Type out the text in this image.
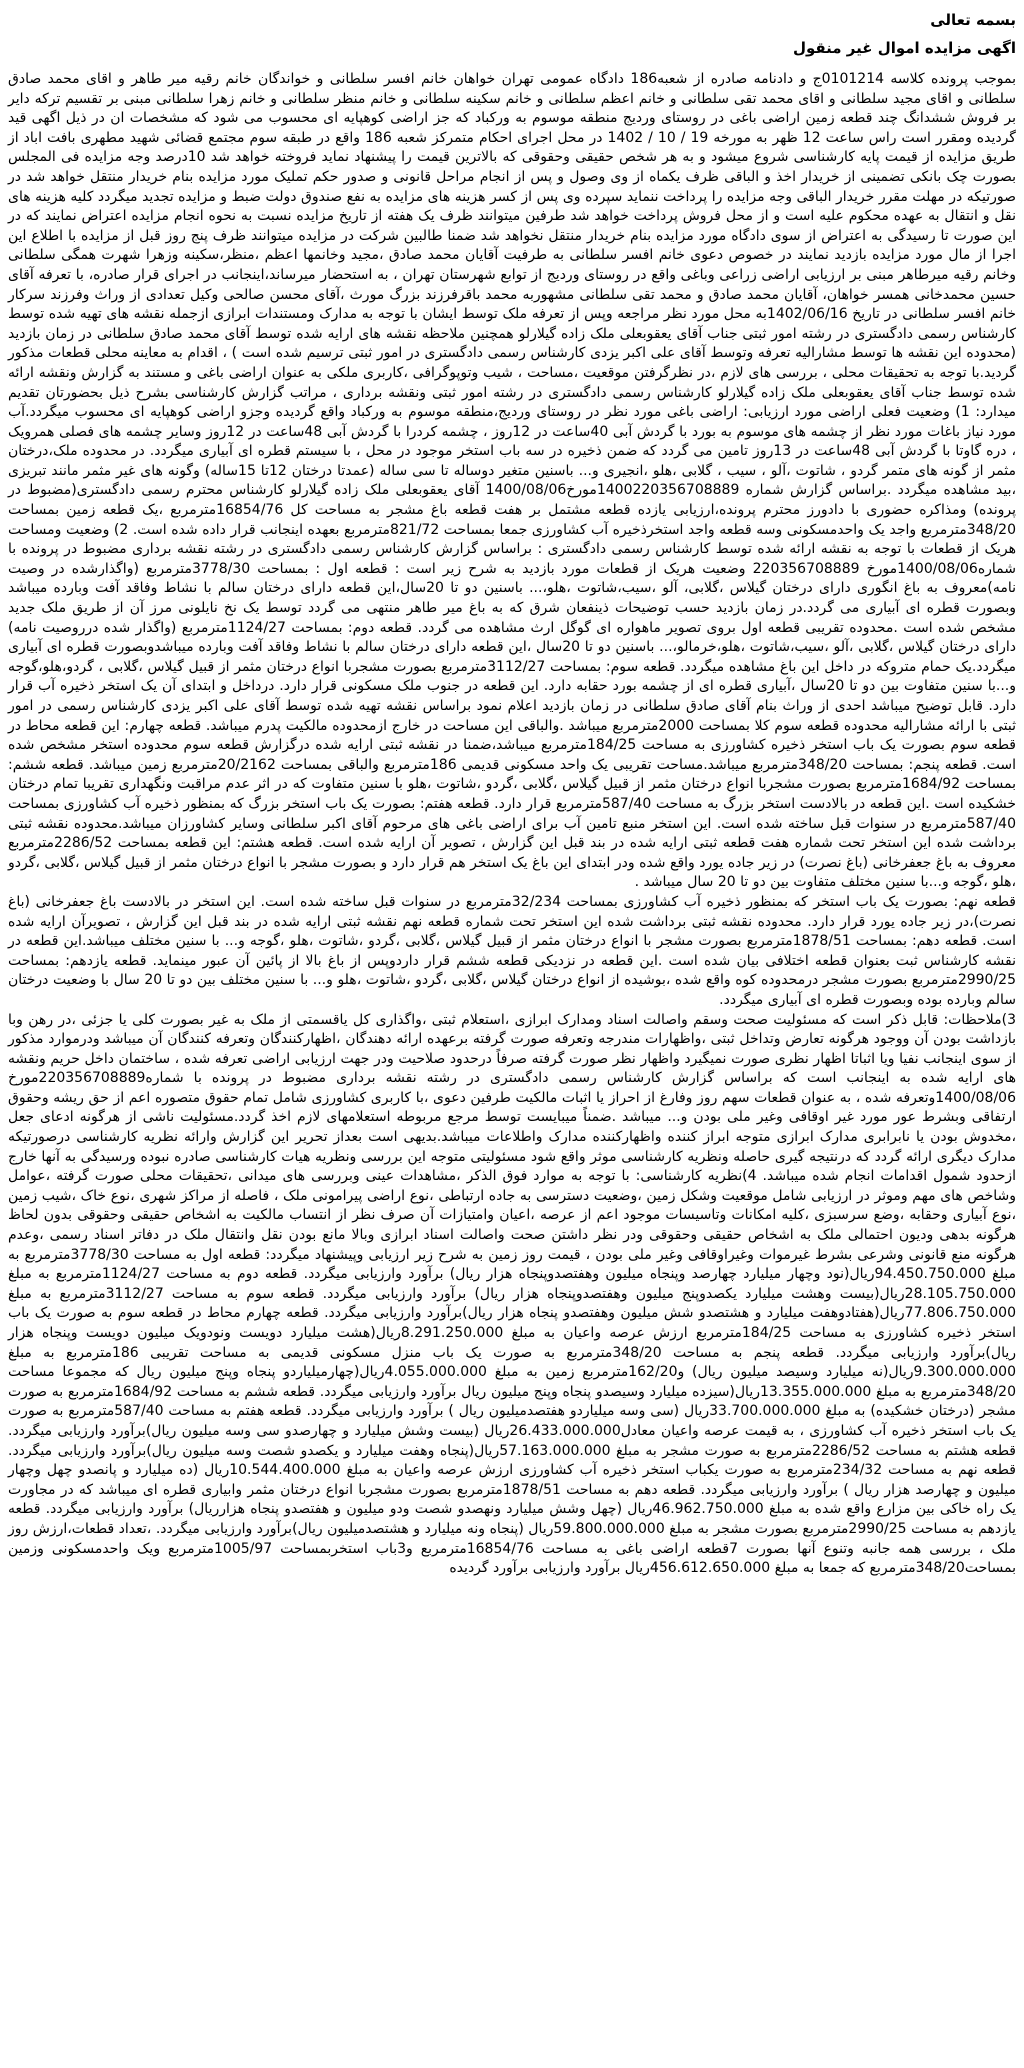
بسمه تعالی
اگهی مزایده اموال غیر منقول

بموجب پرونده کلاسه 0101214ج و دادنامه صادره از شعبه186 دادگاه عمومی تهران خواهان خانم افسر سلطانی و خواندگان خانم رقیه میر طاهر و اقای محمد صادق سلطانی و اقای مجید سلطانی و اقای محمد تقی سلطانی و خانم اعظم سلطانی و خانم سکینه سلطانی و خانم منظر سلطانی و خانم زهرا سلطانی مبنی بر تقسیم ترکه دایر بر فروش ششدانگ چند قطعه زمین اراضی باغی در روستای وردیج منطقه موسوم به ورکباد که جز اراضی کوهپایه ای محسوب می شود که مشخصات ان در ذیل اگهی قید گردیده ومقرر است راس ساعت 12 ظهر به مورخه 19 / 10 / 1402 در محل اجرای احکام متمرکز شعبه 186 واقع در طبقه سوم مجتمع قضائی شهید مطهری بافت اباد از طریق مزایده از قیمت پایه کارشناسی شروع میشود و به هر شخص حقیقی وحقوقی که بالاترین قیمت را پیشنهاد نماید فروخته خواهد شد 10درصد وجه مزایده فی المجلس بصورت چک بانکی تضمینی از خریدار اخذ و الباقی ظرف یکماه از وی وصول و پس از انجام مراحل قانونی و صدور حکم تملیک مورد مزایده بنام خریدار منتقل خواهد شد در صورتیکه در مهلت مقرر خریدار الباقی وجه مزایده را پرداخت ننماید سپرده وی پس از کسر هزینه های مزایده به نفع صندوق دولت ضبط و مزایده تجدید میگردد کلیه هزینه های نقل و انتقال به عهده محکوم علیه است و از محل فروش پرداخت خواهد شد طرفین میتوانند ظرف یک هفته از تاریخ مزایده نسبت به نحوه انجام مزایده اعتراض نمایند که در این صورت تا رسیدگی به اعتراض از سوی دادگاه مورد مزایده بنام خریدار منتقل نخواهد شد ضمنا طالبین شرکت در مزایده میتوانند ظرف پنج روز قبل از مزایده با اطلاع این اجرا از مال مورد مزایده بازدید نمایند در خصوص دعوی خانم افسر سلطانی به طرفیت آقایان محمد صادق ،مجید وخانمها اعظم ،منظر،سکینه وزهرا شهرت همگی سلطانی وخانم رقیه میرطاهر مبنی بر ارزیابی اراضی زراعی وباغی واقع در روستای وردیج از توابع شهرستان تهران ، به استحضار میرساند،اینجانب در اجرای قرار صادره، با تعرفه آقای حسین محمدخانی همسر خواهان، آقایان محمد صادق و محمد تقی سلطانی مشهوربه محمد باقرفرزند بزرگ مورث ،آقای محسن صالحی وکیل تعدادی از وراث وفرزند سرکار خانم افسر سلطانی در تاریخ 1402/06/16به محل مورد نظر مراجعه وپس از تعرفه ملک توسط ایشان با توجه به مدارک ومستندات ابرازی ازجمله نقشه های تهیه شده توسط کارشناس رسمی دادگستری در رشته امور ثبتی جناب آقای یعقوبعلی ملک زاده گیلارلو همچنین ملاحظه نقشه های ارایه شده توسط آقای محمد صادق سلطانی در زمان بازدید (محدوده این نقشه ها توسط مشارالیه تعرفه وتوسط آقای علی اکبر یزدی کارشناس رسمی دادگستری در امور ثبتی ترسیم شده است ) ، اقدام به معاینه محلی قطعات مذکور گردید.با توجه به تحقیقات محلی ، بررسی های لازم ،در نظرگرفتن موقعیت ،مساحت ، شیب وتوپوگرافی ،کاربری ملکی به عنوان اراضی باغی و مستند به گزارش ونقشه ارائه شده توسط جناب آقای یعقوبعلی ملک زاده گیلارلو کارشناس رسمی دادگستری در رشته امور ثبتی ونقشه برداری ، مراتب گزارش کارشناسی بشرح ذیل بحضورتان تقدیم میدارد: 1) وضعیت فعلی اراضی مورد ارزیابی: اراضی باغی مورد نظر در روستای وردیج،منطقه موسوم به ورکباد واقع گردیده وجزو اراضی کوهپایه ای محسوب میگردد.آب مورد نیاز باغات مورد نظر از چشمه های موسوم به بورد با گردش آبی 40ساعت در 12روز ، چشمه کردرا با گردش آبی 48ساعت در 12روز وسایر چشمه های فصلی همرویک ، دره گاوتا با گردش آبی 48ساعت در 13روز تامین می گردد که ضمن ذخیره در سه باب استخر موجود در محل ، با سیستم قطره ای آبیاری میگردد. در محدوده ملک،درختان مثمر از گونه های متمر گردو ، شاتوت ،آلو ، سیب ، گلابی ،هلو ،انجیری و... باسنین متغیر دوساله تا سی ساله (عمدتا درختان 12تا 15ساله) وگونه های غیر مثمر مانند تبریزی ،بید مشاهده میگردد .براساس گزارش شماره 1400220356708889مورخ1400/08/06 آقای یعقوبعلی ملک زاده گیلارلو کارشناس محترم رسمی دادگستری(مضبوط در پرونده) ومذاکره حضوری با دادورز محترم پرونده،ارزیابی یازده قطعه مشتمل بر هفت قطعه باغ مشجر به مساحت کل 16854/76مترمربع ،یک قطعه زمین بمساحت 348/20مترمربع واجد یک واحدمسکونی وسه قطعه واجد استخرذخیره آب کشاورزی جمعا بمساحت 821/72مترمربع بعهده اینجانب قرار داده شده است. 2) وضعیت ومساحت هریک از قطعات با توجه به نقشه ارائه شده توسط کارشناس رسمی دادگستری : براساس گزارش کارشناس رسمی دادگستری در رشته نقشه برداری مضبوط در پرونده با شماره1400/08/06مورخ 220356708889 وضعیت هریک از قطعات مورد بازدید به شرح زیر است : قطعه اول : بمساحت 3778/30مترمربع (واگذارشده در وصیت نامه)معروف به باغ انگوری دارای درختان گیلاس ،گلابی، آلو ،سیب،شاتوت ،هلو،... باسنین دو تا 20سال،این قطعه دارای درختان سالم با نشاط وفاقد آفت وبارده میباشد وبصورت قطره ای آبیاری می گردد.در زمان بازدید حسب توضیحات ذینفعان شرق که به باغ میر طاهر منتهی می گردد توسط یک نخ نایلونی مرز آن از طریق ملک جدید مشخص شده است .محدوده تقریبی قطعه اول بروی تصویر ماهواره ای گوگل ارث مشاهده می گردد. قطعه دوم: بمساحت 1124/27مترمربع (واگذار شده درروصیت نامه) دارای درختان گیلاس ،گلابی ،آلو ،سیب،شاتوت ،هلو،خرمالو،... باسنین دو تا 20سال ،این قطعه دارای درختان سالم با نشاط وفاقد آفت وبارده میباشدوبصورت قطره ای آبیاری میگردد.یک حمام متروکه در داخل این باغ مشاهده میگردد. قطعه سوم: بمساحت 3112/27مترمربع بصورت مشجربا انواع درختان مثمر از قبیل گیلاس ،گلابی ، گردو،هلو،گوجه و...با سنین متفاوت بین دو تا 20سال ،آبیاری قطره ای از چشمه بورد حقابه دارد. این قطعه در جنوب ملک مسکونی قرار دارد. درداخل و ابتدای آن یک استخر ذخیره آب قرار دارد. قابل توضیح میباشد احدی از وراث بنام آقای صادق سلطانی در زمان بازدید اعلام نمود براساس نقشه تهیه شده توسط آقای علی اکبر یزدی کارشناس رسمی در امور ثبتی با ارائه مشارالیه محدوده قطعه سوم کلا بمساحت 2000مترمربع میباشد .والباقی این مساحت در خارج ازمحدوده مالکیت پدرم میباشد. قطعه چهارم: این قطعه محاط در قطعه سوم بصورت یک باب استخر ذخیره کشاورزی به مساحت 184/25مترمربع میباشد،ضمنا در نقشه ثبتی ارایه شده درگزارش قطعه سوم محدوده استخر مشخص شده است. قطعه پنجم: بمساحت 348/20مترمربع میباشد.مساحت تقریبی یک واحد مسکونی قدیمی 186مترمربع والباقی بمساحت 20/2162مترمربع زمین میباشد. قطعه ششم: بمساحت 1684/92مترمربع بصورت مشجربا انواع درختان مثمر از قبیل گیلاس ،گلابی ،گردو ،شاتوت ،هلو با سنین متفاوت که در اثر عدم مراقبت ونگهداری تقریبا تمام درختان خشکیده است .این قطعه در بالادست استخر بزرگ به مساحت 587/40مترمربع قرار دارد. قطعه هفتم: بصورت یک باب استخر بزرگ که بمنظور ذخیره آب کشاورزی بمساحت 587/40مترمربع در سنوات قبل ساخته شده است. این استخر منبع تامین آب برای اراضی باغی های مرحوم آقای اکبر سلطانی وسایر کشاورزان میباشد.محدوده نقشه ثبتی برداشت شده این استخر تحت شماره هفت قطعه ثبتی ارایه شده در بند قبل این گزارش ، تصویر آن ارایه شده است. قطعه هشتم: این قطعه بمساحت 2286/52مترمربع معروف به باغ جعفرخانی (باغ نصرت) در زیر جاده یورد واقع شده ودر ابتدای این باغ یک استخر هم قرار دارد و بصورت مشجر با انواع درختان مثمر از قبیل گیلاس ،گلابی ،گردو ،هلو ،گوجه و...با سنین مختلف متفاوت بین دو تا 20 سال میباشد .

قطعه نهم: بصورت یک باب استخر که بمنظور ذخیره آب کشاورزی بمساحت 32/234مترمربع در سنوات قبل ساخته شده است. این استخر در بالادست باغ جعفرخانی (باغ نصرت)،در زیر جاده یورد قرار دارد. محدوده نقشه ثبتی برداشت شده این استخر تحت شماره قطعه نهم نقشه ثبتی ارایه شده در بند قبل این گزارش ، تصویرآن ارایه شده است. قطعه دهم: بمساحت 1878/51مترمربع بصورت مشجر با انواع درختان مثمر از قبیل گیلاس ،گلابی ،گردو ،شاتوت ،هلو ،گوجه و... با سنین مختلف میباشد.این قطعه در نقشه کارشناس ثبت بعنوان قطعه اختلافی بیان شده است .این قطعه در نزدیکی قطعه ششم قرار داردوپس از باغ بالا از پائین آن عبور مینماید. قطعه یازدهم: بمساحت 2990/25مترمربع بصورت مشجر درمحدوده کوه واقع شده ،بوشیده از انواع درختان گیلاس ،گلابی ،گردو ،شاتوت ،هلو و... با سنین مختلف بین دو تا 20 سال با وضعیت درختان سالم وبارده بوده وبصورت قطره ای آبیاری میگردد.

3)ملاحظات: قابل ذکر است که مسئولیت صحت وسقم واصالت اسناد ومدارک ابرازی ،استعلام ثبتی ،واگذاری کل یاقسمتی از ملک به غیر بصورت کلی یا جزئی ،در رهن وبا بازداشت بودن آن ووجود هرگونه تعارض وتداخل ثبتی ،واظهارات مندرجه وتعرفه صورت گرفته برعهده ارائه دهندگان ،اظهارکنندگان وتعرفه کنندگان آن میباشد ودرموارد مذکور از سوی اینجانب نفیا ویا اثباتا اظهار نظری صورت نمیگیرد واظهار نظر صورت گرفته صرفاً درحدود صلاحیت ودر جهت ارزیابی اراضی تعرفه شده ، ساختمان داخل حریم ونقشه های ارایه شده به اینجانب است که براساس گزارش کارشناس رسمی دادگستری در رشته نقشه برداری مضبوط در پرونده با شماره220356708889مورخ 1400/08/06وتعرفه شده ، به عنوان قطعات سهم روز وفارغ از احراز یا اثبات مالکیت طرفین دعوی ،با کاربری کشاورزی شامل تمام حقوق متصوره اعم از حق ریشه وحقوق ارتفاقی وبشرط عور مورد غیر اوقافی وغیر ملی بودن و... میباشد .ضمناً میبایست توسط مرجع مربوطه استعلامهای لازم اخذ گردد.مسئولیت ناشی از هرگونه ادعای جعل ،مخدوش بودن یا نابرابری مدارک ابرازی متوجه ابراز کننده واظهارکننده مدارک واطلاعات میباشد.بدیهی است بعداز تحریر این گزارش وارائه نظریه کارشناسی درصورتیکه مدارک دیگری ارائه گردد که درنتیجه گیری حاصله ونظریه کارشناسی موثر واقع شود مسئولیتی متوجه این بررسی ونظریه هیات کارشناسی صادره نبوده ورسیدگی به آنها خارج ازحدود شمول اقدامات انجام شده میباشد. 4)نظریه کارشناسی: با توجه به موارد فوق الذکر ،مشاهدات عینی وبررسی های میدانی ،تحقیقات محلی صورت گرفته ،عوامل وشاخص های مهم وموثر در ارزیابی شامل موقعیت وشکل زمین ،وضعیت دسترسی به جاده ارتباطی ،نوع اراضی پیرامونی ملک ، فاصله از مراکز شهری ،نوع خاک ،شیب زمین ،نوع آبیاری وحقابه ،وضع سرسبزی ،کلیه امکانات وتاسیسات موجود اعم از عرصه ،اعیان وامتیازات آن صرف نظر از انتساب مالکیت به اشخاص حقیقی وحقوقی بدون لحاظ هرگونه بدهی ودیون احتمالی ملک به اشخاص حقیقی وحقوقی ودر نظر داشتن صحت واصالت اسناد ابرازی وبالا مانع بودن نقل وانتقال ملک در دفاتر اسناد رسمی ،وعدم هرگونه منع قانونی وشرعی بشرط غیرموات وغیراوقافی وغیر ملی بودن ، قیمت روز زمین به شرح زیر ارزیابی وپیشنهاد میگردد: قطعه اول به مساحت 3778/30مترمربع به مبلغ 94.450.750.000ریال(نود وچهار میلیارد چهارصد وپنجاه میلیون وهفتصدوپنجاه هزار ریال) برآورد وارزیابی میگردد. قطعه دوم به مساحت 1124/27مترمربع به مبلغ 28.105.750.000ریال(بیست وهشت میلیارد یکصدوپنج میلیون وهفتصدوپنجاه هزار ریال) برآورد وارزیابی میگردد. قطعه سوم به مساحت 3112/27مترمربع به مبلغ 77.806.750.000ریال(هفتادوهفت میلیارد و هشتصدو شش میلیون وهفتصدو پنجاه هزار ریال)برآورد وارزیابی میگردد. قطعه چهارم محاط در قطعه سوم به صورت یک باب استخر ذخیره کشاورزی به مساحت 184/25مترمربع ارزش عرصه واعیان به مبلغ 8.291.250.000ریال(هشت میلیارد دویست ونودویک میلیون دویست وپنجاه هزار ریال)برآورد وارزیابی میگردد. قطعه پنجم به مساحت 348/20مترمربع به صورت یک باب منزل مسکونی قدیمی به مساحت تقریبی 186مترمربع به مبلغ 9.300.000.000ریال(نه میلیارد وسیصد میلیون ریال) و162/20مترمربع زمین به مبلغ 4.055.000.000ریال(چهارمیلیاردو پنجاه وپنج میلیون ریال که مجموعا مساحت 348/20مترمربع به مبلغ 13.355.000.000ریال(سیزده میلیارد وسیصدو پنجاه وپنج میلیون ریال برآورد وارزیابی میگردد. قطعه ششم به مساحت 1684/92مترمربع به صورت مشجر (درختان خشکیده) به مبلغ 33.700.000.000ریال (سی وسه میلیاردو هفتصدمیلیون ریال ) برآورد وارزیابی میگردد. قطعه هفتم به مساحت 587/40مترمربع به صورت یک باب استخر ذخیره آب کشاورزی ، به قیمت عرصه واعیان معادل26.433.000.000ریال (بیست وشش میلیارد و چهارصدو سی وسه میلیون ریال)برآورد وارزیابی میگردد. قطعه هشتم به مساحت 2286/52مترمربع به صورت مشجر به مبلغ 57.163.000.000ریال(پنجاه وهفت میلیارد و یکصدو شصت وسه میلیون ریال)برآورد وارزیابی میگردد. قطعه نهم به مساحت 234/32مترمربع به صورت یکباب استخر ذخیره آب کشاورزی ارزش عرصه واعیان به مبلغ 10.544.400.000ریال (ده میلیارد و پانصدو چهل وچهار میلیون و چهارصد هزار ریال ) برآورد وارزیابی میگردد. قطعه دهم به مساحت 1878/51مترمربع بصورت مشجربا انواع درختان مثمر وابیاری قطره ای میباشد که در مجاورت یک راه خاکی بین مزارع واقع شده به مبلغ 46.962.750.000ریال (چهل وشش میلیارد ونهصدو شصت ودو میلیون و هفتصدو پنجاه هزارریال) برآورد وارزیابی میگردد. قطعه یازدهم به مساحت 2990/25مترمربع بصورت مشجر به مبلغ 59.800.000.000ریال (پنجاه ونه میلیارد و هشتصدمیلیون ریال)برآورد وارزیابی میگردد. ،تعداد قطعات،ارزش روز ملک ، بررسی همه جانبه وتنوع آنها بصورت 7قطعه اراضی باغی به مساحت 16854/76مترمربع و3باب استخربمساحت 1005/97مترمربع ویک واحدمسکونی وزمین بمساحت348/20مترمربع که جمعا به مبلغ 456.612.650.000ریال برآورد وارزیابی برآورد گردیده
